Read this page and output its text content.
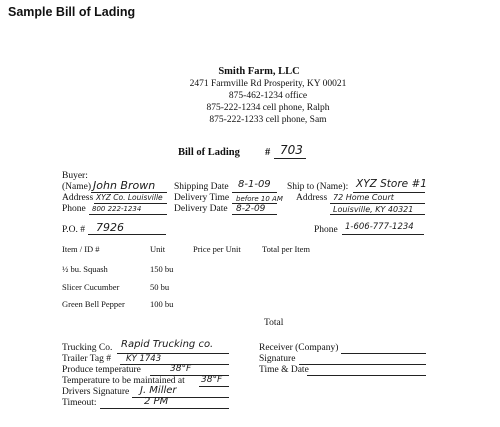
Sample Bill of Lading
Smith Farm, LLC
2471 Farmville Rd Prosperity, KY 00021
875-462-1234 office
875-222-1234 cell phone, Ralph
875-222-1233 cell phone, Sam
Bill of Lading # 703
Buyer:
(Name) John Brown
Address XYZ Co. Louisville
Phone 800 222-1234
Shipping Date 8-1-09
Delivery Time before 10 AM
Delivery Date 8-2-09
Ship to (Name): XYZ Store #1
Address 72 Home Court
Louisville, KY 40321
P.O. # 7926	Phone 1-606-777-1234
Item / ID #	Unit	Price per Unit	Total per Item
½ bu. Squash	150 bu
Slicer Cucumber	50 bu
Green Bell Pepper	100 bu
Total
Trucking Co. Rapid Trucking co.
Trailer Tag # KY 1743
Produce temperature	38°F
Temperature to be maintained at 38°F
Drivers Signature J. Miller
Timeout:	2 PM
Receiver (Company)
Signature
Time & Date
